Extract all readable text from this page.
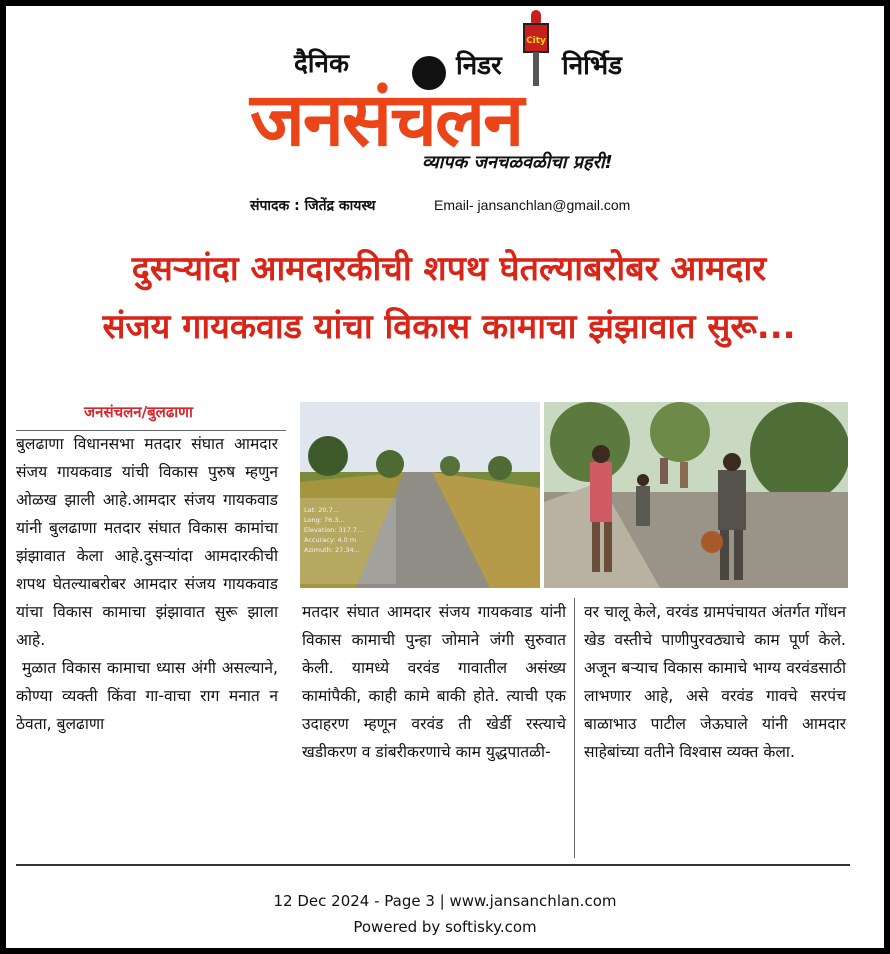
दैनिक	निडर
City
निर्भिड
जनसंचलन
व्यापक जनचळवळीचा प्रहरी!
संपादक : जितेंद्र कायस्थ	Email- jansanchlan@gmail.com
दुसऱ्यांदा आमदारकीची शपथ घेतल्याबरोबर आमदार
संजय गायकवाड यांचा विकास कामाचा झंझावात सुरू...
जनसंचलन/बुलढाणा

बुलढाणा विधानसभा मतदार संघात आमदार संजय गायकवाड यांची विकास पुरुष म्हणुन ओळख झाली आहे.आमदार संजय गायकवाड यांनी बुलढाणा मतदार संघात विकास कामांचा झंझावात केला आहे.दुसऱ्यांदा आमदारकीची शपथ घेतल्याबरोबर आमदार संजय गायकवाड यांचा विकास कामाचा झंझावात सुरू झाला आहे.

मुळात विकास कामाचा ध्यास अंगी असल्याने, कोण्या व्यक्ती किंवा गा-वाचा राग मनात न ठेवता, बुलढाणा

Lat: 20.7...
Long: 76.3...
Elevation: 317.7...
Accuracy: 4.0 m
Azimuth: 27.34...
मतदार संघात आमदार संजय गायकवाड यांनी विकास कामाची पुन्हा जोमाने जंगी सुरुवात केली. यामध्ये वरवंड गावातील असंख्य कामांपैकी, काही कामे बाकी होते. त्याची एक उदाहरण म्हणून वरवंड ती खेर्डी रस्त्याचे खडीकरण व डांबरीकरणाचे काम युद्धपातळी-
वर चालू केले, वरवंड ग्रामपंचायत अंतर्गत गोंधन खेड वस्तीचे पाणीपुरवठ्याचे काम पूर्ण केले. अजून बऱ्याच विकास कामाचे भाग्य वरवंडसाठी लाभणार आहे, असे वरवंड गावचे सरपंच बाळाभाउ पाटील जेऊघाले यांनी आमदार साहेबांच्या वतीने विश्वास व्यक्त केला.
12 Dec 2024 - Page 3 | www.jansanchlan.com
Powered by softisky.com
